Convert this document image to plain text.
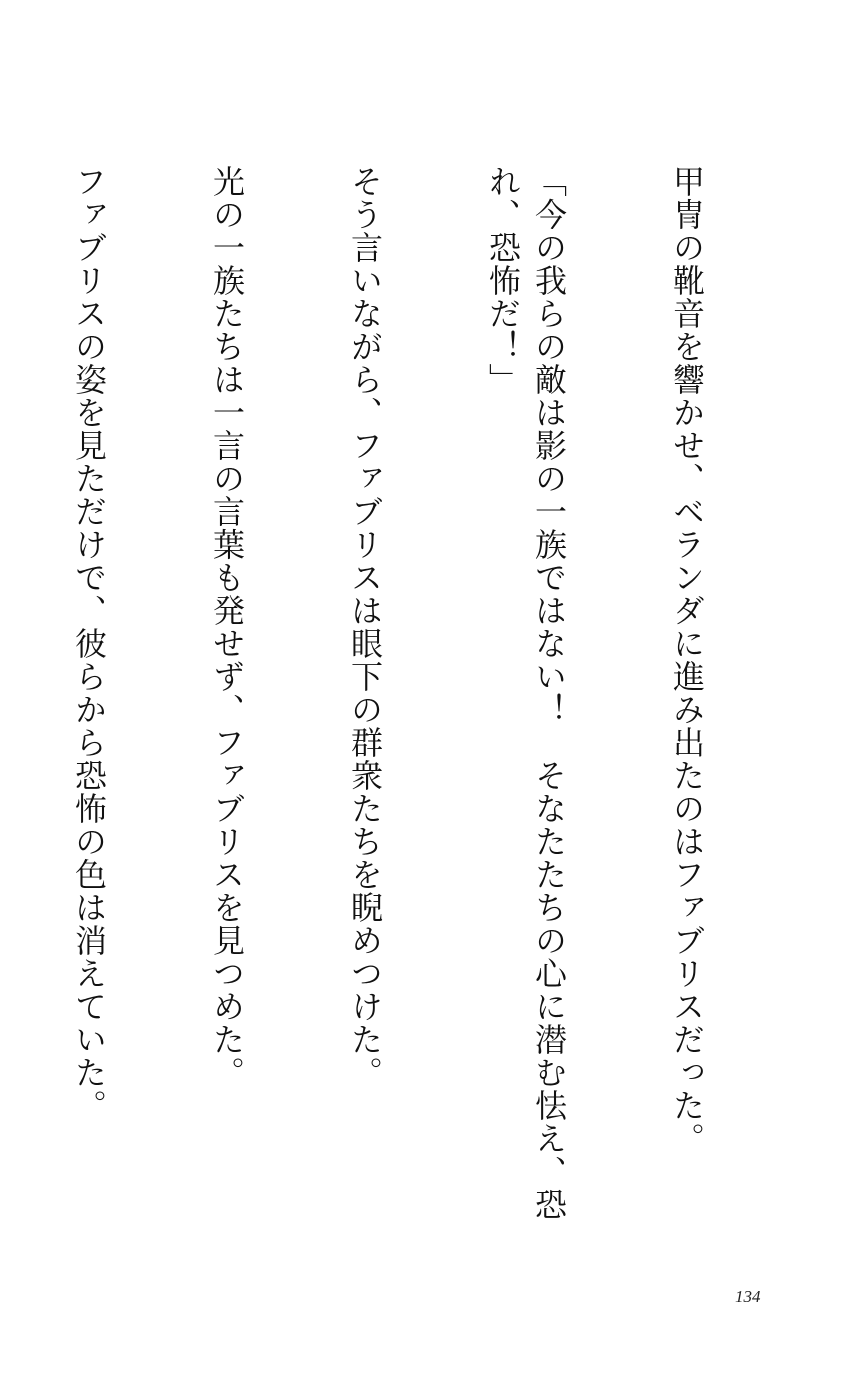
甲冑の靴音を響かせ、ベランダに進み出たのはファブリスだった。

「今の我らの敵は影の一族ではない！　そなたたちの心に潜む怯え、恐れ、恐怖だ！」

そう言いながら、ファブリスは眼下の群衆たちを睨めつけた。

光の一族たちは一言の言葉も発せず、ファブリスを見つめた。

ファブリスの姿を見ただけで、彼らから恐怖の色は消えていた。

134
